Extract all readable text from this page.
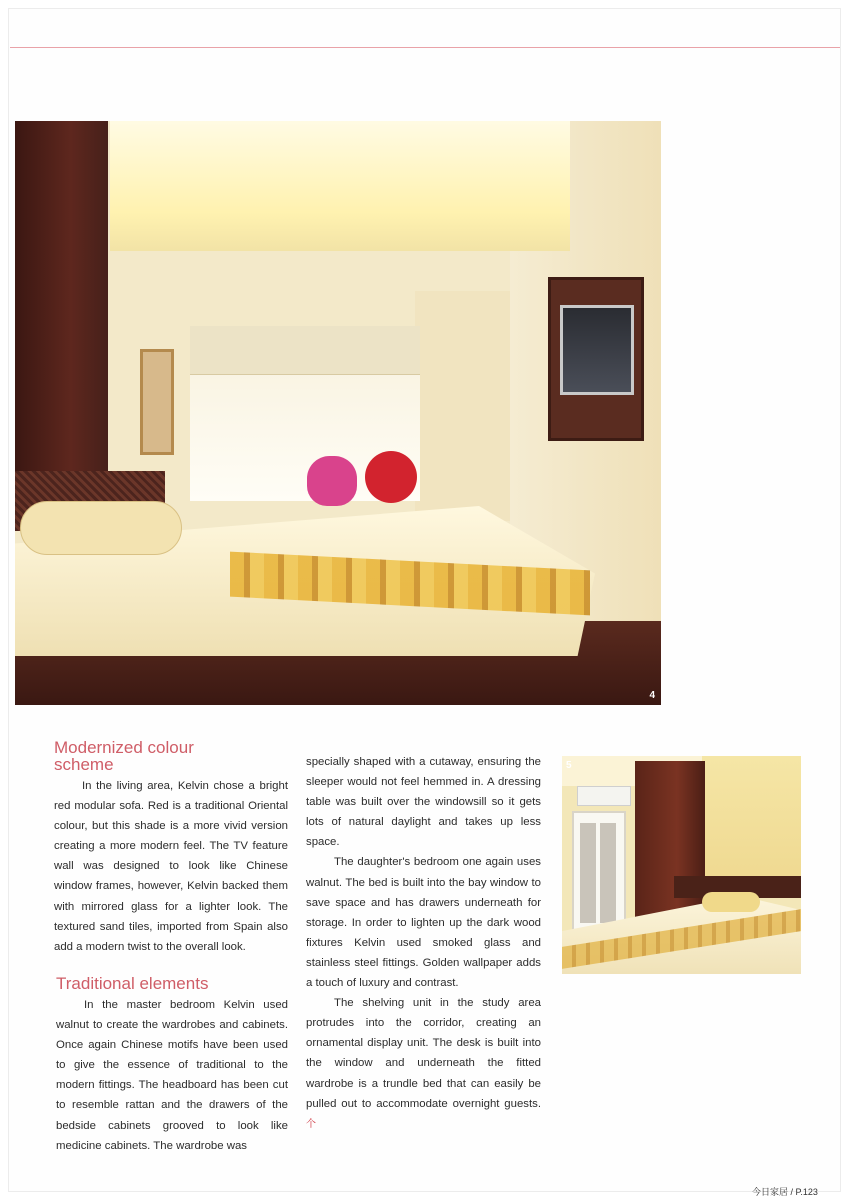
4
5
Modernized colour
scheme

In the living area, Kelvin chose a bright red modular sofa. Red is a traditional Oriental colour, but this shade is a more vivid version creating a more modern feel. The TV feature wall was designed to look like Chinese window frames, however, Kelvin backed them with mirrored glass for a lighter look. The textured sand tiles, imported from Spain also add a modern twist to the overall look.

Traditional elements

In the master bedroom Kelvin used walnut to create the wardrobes and cabinets. Once again Chinese motifs have been used to give the essence of traditional to the modern fittings. The headboard has been cut to resemble rattan and the drawers of the bedside cabinets grooved to look like medicine cabinets. The wardrobe was

specially shaped with a cutaway, ensuring the sleeper would not feel hemmed in. A dressing table was built over the windowsill so it gets lots of natural daylight and takes up less space.

The daughter's bedroom one again uses walnut. The bed is built into the bay window to save space and has drawers underneath for storage. In order to lighten up the dark wood fixtures Kelvin used smoked glass and stainless steel fittings. Golden wallpaper adds a touch of luxury and contrast.

The shelving unit in the study area protrudes into the corridor, creating an ornamental display unit. The desk is built into the window and underneath the fitted wardrobe is a trundle bed that can easily be pulled out to accommodate overnight guests.个

今日家居 / P.123
